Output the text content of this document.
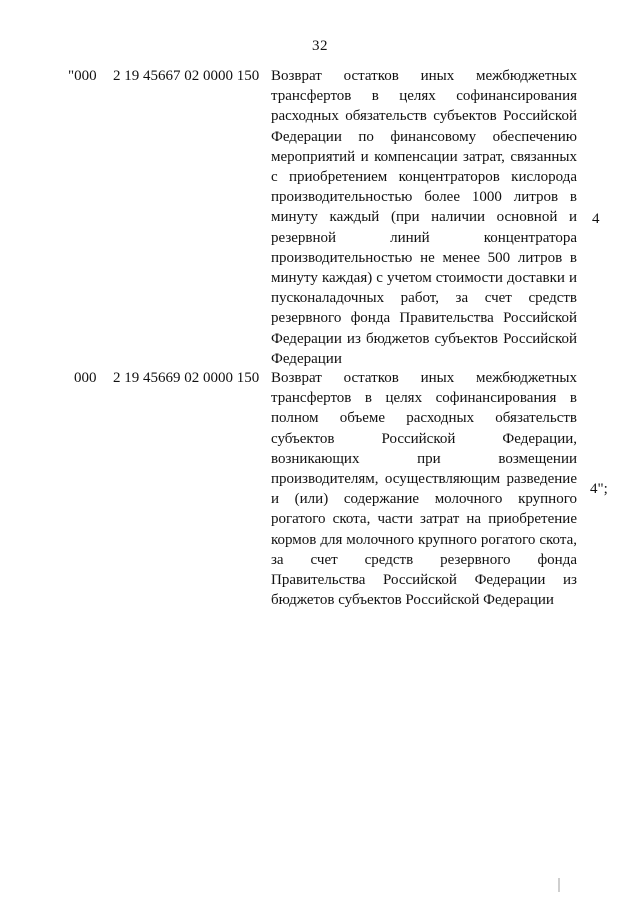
32
"000 2 19 45667 02 0000 150 Возврат остатков иных межбюджетных
трансфертов в целях софинансирования
расходных обязательств субъектов Российской
Федерации по финансовому обеспечению
мероприятий и компенсации затрат, связанных
с приобретением концентраторов кислорода
производительностью более 1000 литров в
минуту каждый (при наличии основной и
резервной линий концентратора
производительностью не менее 500 литров в
минуту каждая) с учетом стоимости доставки и
пусконаладочных работ, за счет средств
резервного фонда Правительства Российской
Федерации из бюджетов субъектов Российской
Федерации
4
000 2 19 45669 02 0000 150 Возврат остатков иных межбюджетных
трансфертов в целях софинансирования в
полном объеме расходных обязательств
субъектов Российской Федерации,
возникающих при возмещении
производителям, осуществляющим разведение
и (или) содержание молочного крупного
рогатого скота, части затрат на приобретение
кормов для молочного крупного рогатого скота,
за счет средств резервного фонда
Правительства Российской Федерации из
бюджетов субъектов Российской Федерации
4";
